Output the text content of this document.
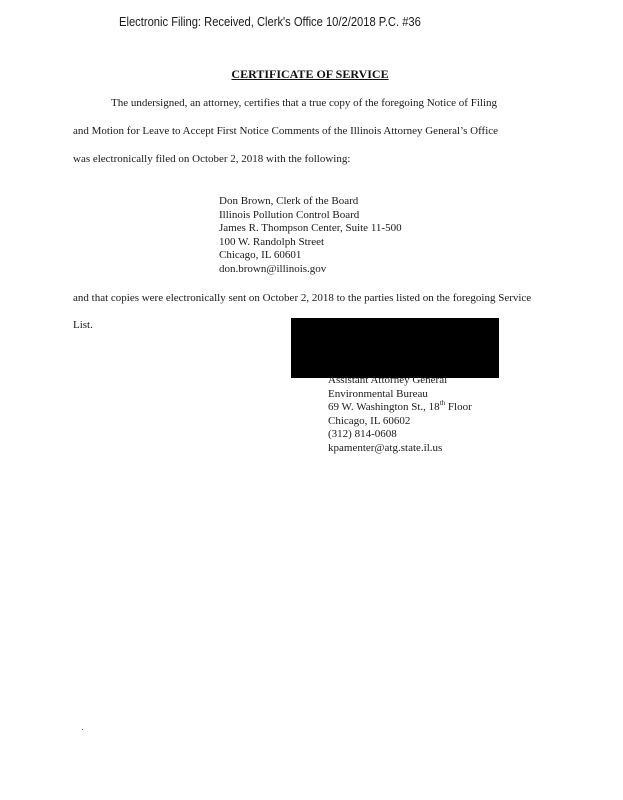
Electronic Filing: Received, Clerk's Office 10/2/2018 P.C. #36
CERTIFICATE OF SERVICE
The undersigned, an attorney, certifies that a true copy of the foregoing Notice of Filing
and Motion for Leave to Accept First Notice Comments of the Illinois Attorney General’s Office
was electronically filed on October 2, 2018 with the following:
Don Brown, Clerk of the Board
Illinois Pollution Control Board
James R. Thompson Center, Suite 11-500
100 W. Randolph Street
Chicago, IL 60601
don.brown@illinois.gov
and that copies were electronically sent on October 2, 2018 to the parties listed on the foregoing Service
List.
Assistant Attorney General
Environmental Bureau
69 W. Washington St., 18th Floor
Chicago, IL 60602
(312) 814-0608
kpamenter@atg.state.il.us
